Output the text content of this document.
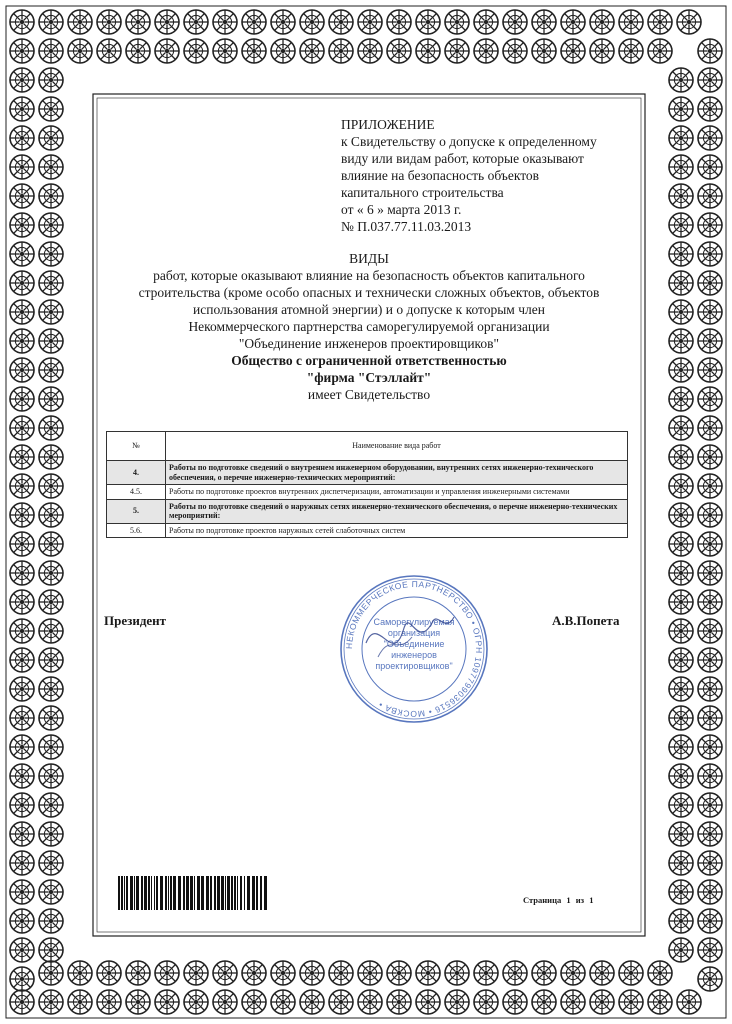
ПРИЛОЖЕНИЕ
к Свидетельству о допуске к определенному
виду или видам работ, которые оказывают
влияние на безопасность объектов
капитального строительства
от « 6 » марта 2013 г.
№ П.037.77.11.03.2013
ВИДЫ
работ, которые оказывают влияние на безопасность объектов капитального
строительства (кроме особо опасных и технически сложных объектов, объектов
использования атомной энергии) и о допуске к которым член
Некоммерческого партнерства саморегулируемой организации
"Объединение инженеров проектировщиков"
Общество с ограниченной ответственностью
"фирма "Стэллайт"
имеет Свидетельство
№	Наименование вида работ
4.	Работы по подготовке сведений о внутреннем инженерном оборудовании, внутренних сетях инженерно-технического обеспечения, о перечне инженерно-технических мероприятий:
4.5.	Работы по подготовке проектов внутренних диспетчеризации, автоматизации и управления инженерными системами
5.	Работы по подготовке сведений о наружных сетях инженерно-технического обеспечения, о перечне инженерно-технических мероприятий:
5.6.	Работы по подготовке проектов наружных сетей слаботочных систем
Президент	А.В.Попета
НЕКОММЕРЧЕСКОЕ ПАРТНЕРСТВО • ОГРН 1097799036516 • МОСКВА •
Саморегулируемая
организация
"Объединение
инженеров
проектировщиков"
Страница 1 из 1
